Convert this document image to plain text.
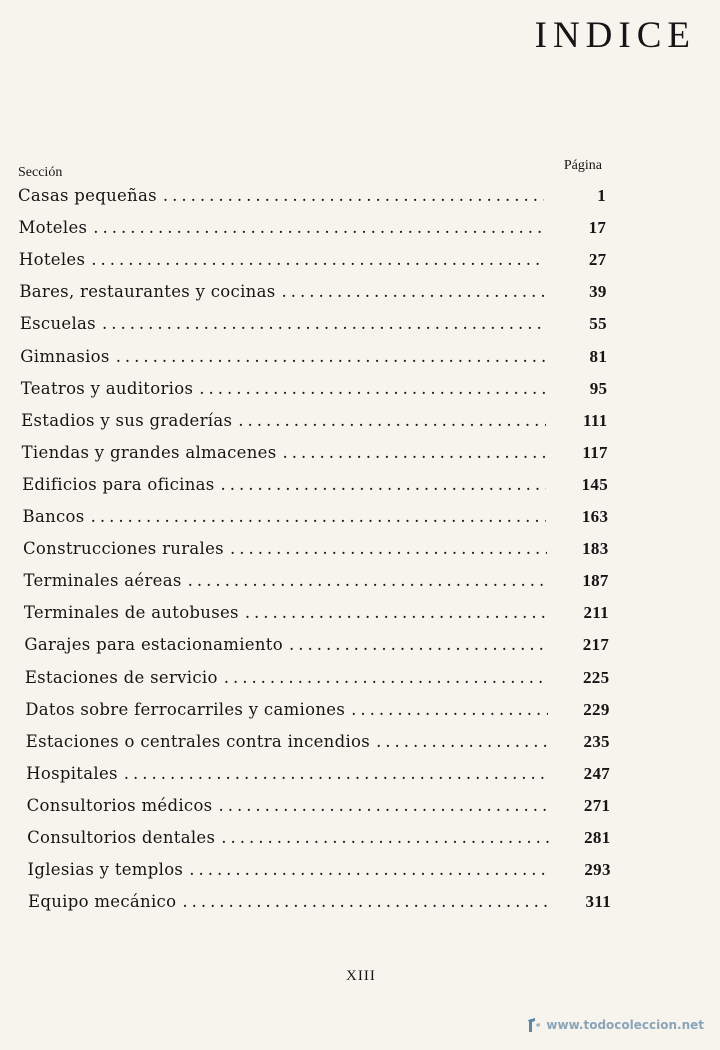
INDICE
Sección	Página
Casas pequeñas .....	1
Moteles .....	17
Hoteles .....	27
Bares, restaurantes y cocinas .....	39
Escuelas .....	55
Gimnasios .....	81
Teatros y auditorios .....	95
Estadios y sus graderías .....	111
Tiendas y grandes almacenes .....	117
Edificios para oficinas .....	145
Bancos .....	163
Construcciones rurales .....	183
Terminales aéreas .....	187
Terminales de autobuses .....	211
Garajes para estacionamiento .....	217
Estaciones de servicio .....	225
Datos sobre ferrocarriles y camiones .....	229
Estaciones o centrales contra incendios .....	235
Hospitales .....	247
Consultorios médicos .....	271
Consultorios dentales .....	281
Iglesias y templos .....	293
Equipo mecánico .....	311
XIII
www.todocoleccion.net
